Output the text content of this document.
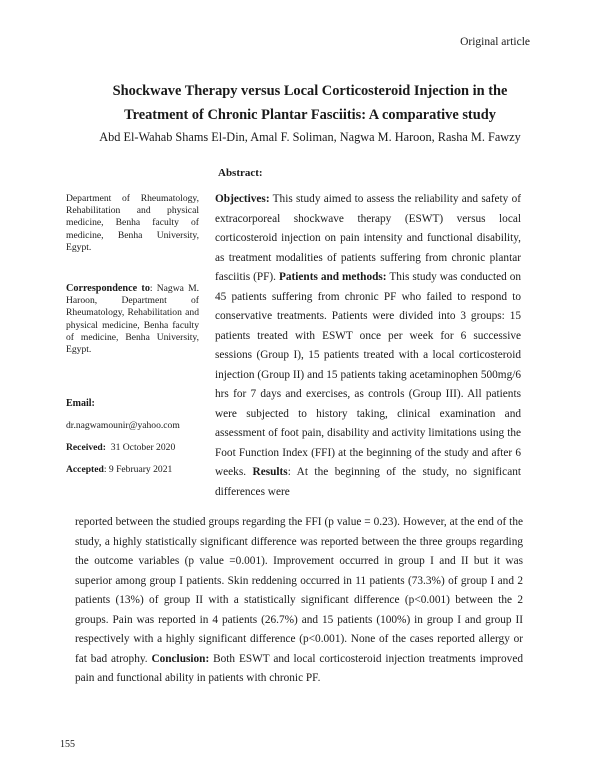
Original article
Shockwave Therapy versus Local Corticosteroid Injection in the
Treatment of Chronic Plantar Fasciitis: A comparative study
Abd El-Wahab Shams El-Din, Amal F. Soliman, Nagwa M. Haroon, Rasha M. Fawzy
Abstract:
Department of Rheumatology, Rehabilitation and physical medicine, Benha faculty of medicine, Benha University, Egypt.
Correspondence to: Nagwa M. Haroon, Department of Rheumatology, Rehabilitation and physical medicine, Benha faculty of medicine, Benha University, Egypt.
Email:
dr.nagwamounir@yahoo.com
Received: 31 October 2020
Accepted: 9 February 2021
Objectives: This study aimed to assess the reliability and safety of extracorporeal shockwave therapy (ESWT) versus local corticosteroid injection on pain intensity and functional disability, as treatment modalities of patients suffering from chronic plantar fasciitis (PF). Patients and methods: This study was conducted on 45 patients suffering from chronic PF who failed to respond to conservative treatments. Patients were divided into 3 groups: 15 patients treated with ESWT once per week for 6 successive sessions (Group I), 15 patients treated with a local corticosteroid injection (Group II) and 15 patients taking acetaminophen 500mg/6 hrs for 7 days and exercises, as controls (Group III). All patients were subjected to history taking, clinical examination and assessment of foot pain, disability and activity limitations using the Foot Function Index (FFI) at the beginning of the study and after 6 weeks. Results: At the beginning of the study, no significant differences were
reported between the studied groups regarding the FFI (p value = 0.23). However, at the end of the study, a highly statistically significant difference was reported between the three groups regarding the outcome variables (p value =0.001). Improvement occurred in group I and II but it was superior among group I patients. Skin reddening occurred in 11 patients (73.3%) of group I and 2 patients (13%) of group II with a statistically significant difference (p<0.001) between the 2 groups. Pain was reported in 4 patients (26.7%) and 15 patients (100%) in group I and group II respectively with a highly significant difference (p<0.001). None of the cases reported allergy or fat bad atrophy. Conclusion: Both ESWT and local corticosteroid injection treatments improved pain and functional ability in patients with chronic PF.
155
